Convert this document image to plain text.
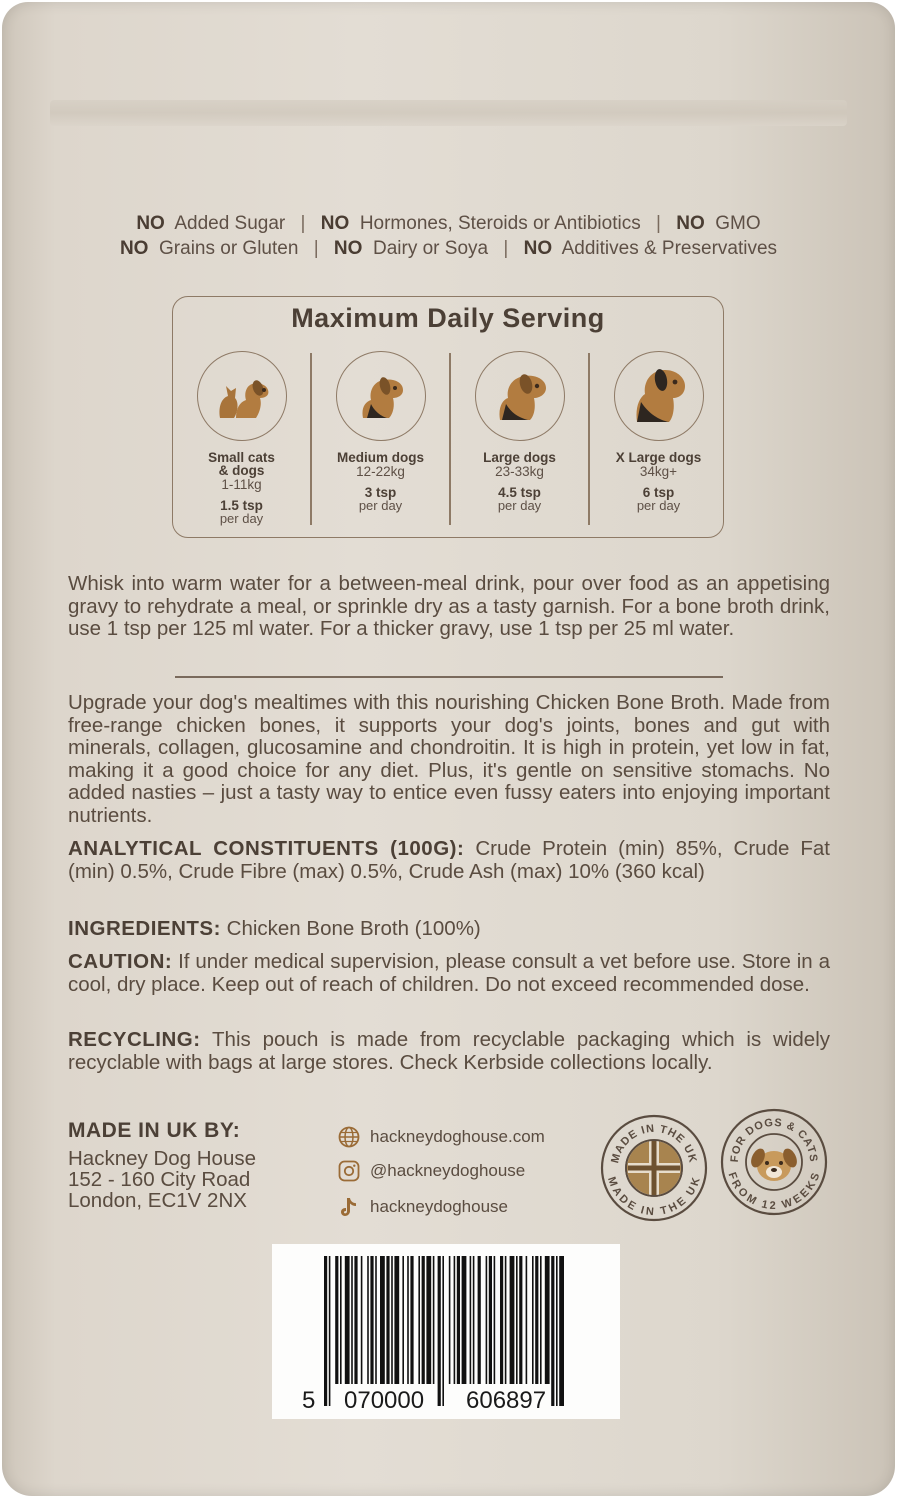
NO Added Sugar | NO Hormones, Steroids or Antibiotics | NO GMO
NO Grains or Gluten | NO Dairy or Soya | NO Additives & Preservatives
Maximum Daily Serving
Small cats
& dogs
1-11kg
1.5 tsp
per day
Medium dogs
12-22kg
3 tsp
per day
Large dogs
23-33kg
4.5 tsp
per day
X Large dogs
34kg+
6 tsp
per day
Whisk into warm water for a between-meal drink, pour over food as an appetising gravy to rehydrate a meal, or sprinkle dry as a tasty garnish. For a bone broth drink, use 1 tsp per 125 ml water. For a thicker gravy, use 1 tsp per 25 ml water.
Upgrade your dog's mealtimes with this nourishing Chicken Bone Broth. Made from free-range chicken bones, it supports your dog's joints, bones and gut with minerals, collagen, glucosamine and chondroitin. It is high in protein, yet low in fat, making it a good choice for any diet. Plus, it's gentle on sensitive stomachs. No added nasties – just a tasty way to entice even fussy eaters into enjoying important nutrients.
ANALYTICAL CONSTITUENTS (100G): Crude Protein (min) 85%, Crude Fat (min) 0.5%, Crude Fibre (max) 0.5%, Crude Ash (max) 10% (360 kcal)
INGREDIENTS: Chicken Bone Broth (100%)
CAUTION: If under medical supervision, please consult a vet before use. Store in a cool, dry place. Keep out of reach of children. Do not exceed recommended dose.
RECYCLING: This pouch is made from recyclable packaging which is widely recyclable with bags at large stores. Check Kerbside collections locally.
MADE IN UK BY:
Hackney Dog House
152 - 160 City Road
London, EC1V 2NX
hackneydoghouse.com
@hackneydoghouse
hackneydoghouse
MADE IN THE UK
MADE IN THE UK
FOR DOGS & CATS
FROM 12 WEEKS
5 070000 606897
